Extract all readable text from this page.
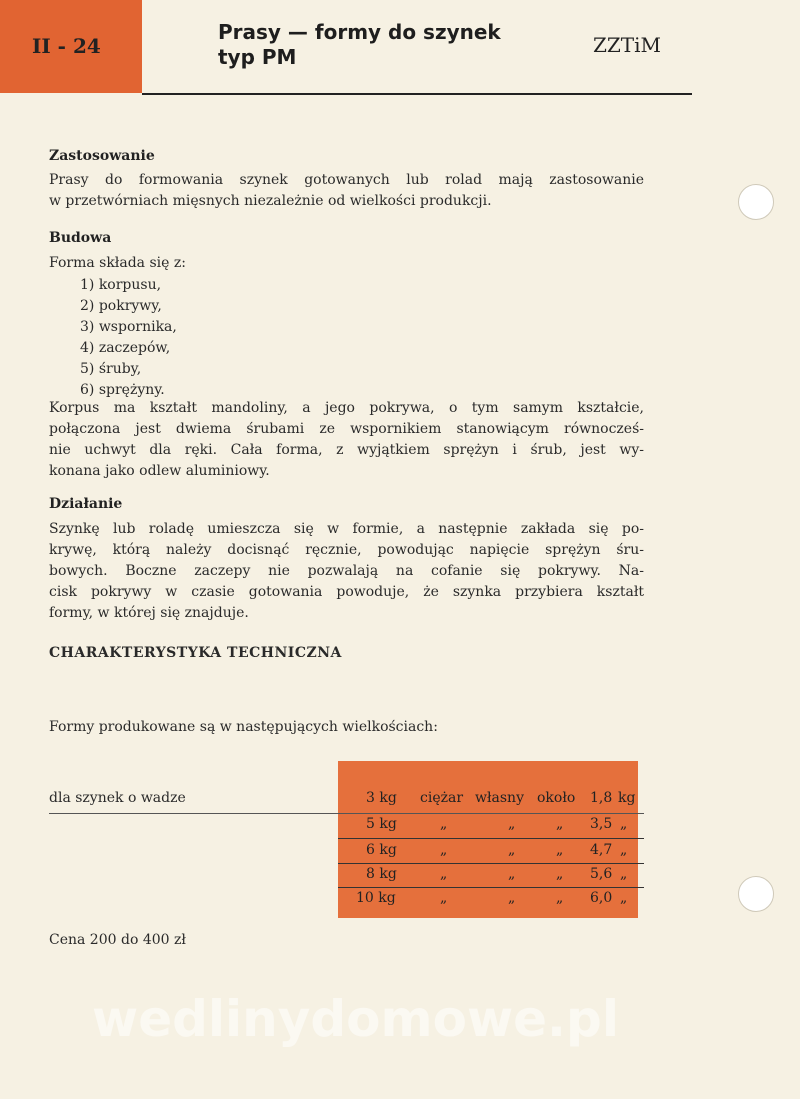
II - 24
Prasy — formy do szynek
typ PM	ZZTiM
Zastosowanie

Prasy do formowania szynek gotowanych lub rolad mają zastosowanie
w przetwórniach mięsnych niezależnie od wielkości produkcji.

Budowa
Forma składa się z:
1) korpusu,
2) pokrywy,
3) wspornika,
4) zaczepów,
5) śruby,
6) sprężyny.

Korpus ma kształt mandoliny, a jego pokrywa, o tym samym kształcie,
połączona jest dwiema śrubami ze wspornikiem stanowiącym równocześ-
nie uchwyt dla ręki. Cała forma, z wyjątkiem sprężyn i śrub, jest wy-
konana jako odlew aluminiowy.

Działanie

Szynkę lub roladę umieszcza się w formie, a następnie zakłada się po-
krywę, którą należy docisnąć ręcznie, powodując napięcie sprężyn śru-
bowych. Boczne zaczepy nie pozwalają na cofanie się pokrywy. Na-
cisk pokrywy w czasie gotowania powoduje, że szynka przybiera kształt
formy, w której się znajduje.

CHARAKTERYSTYKA TECHNICZNA
Formy produkowane są w następujących wielkościach:
dla szynek o wadze	3 kg ciężar własny około 1,8 kg
5 kg	„	„	„ 3,5 „
6 kg	„	„	„ 4,7 „
8 kg	„	„	„ 5,6 „
10 kg	„	„	„ 6,0 „
Cena 200 do 400 zł
wedlinydomowe.pl
